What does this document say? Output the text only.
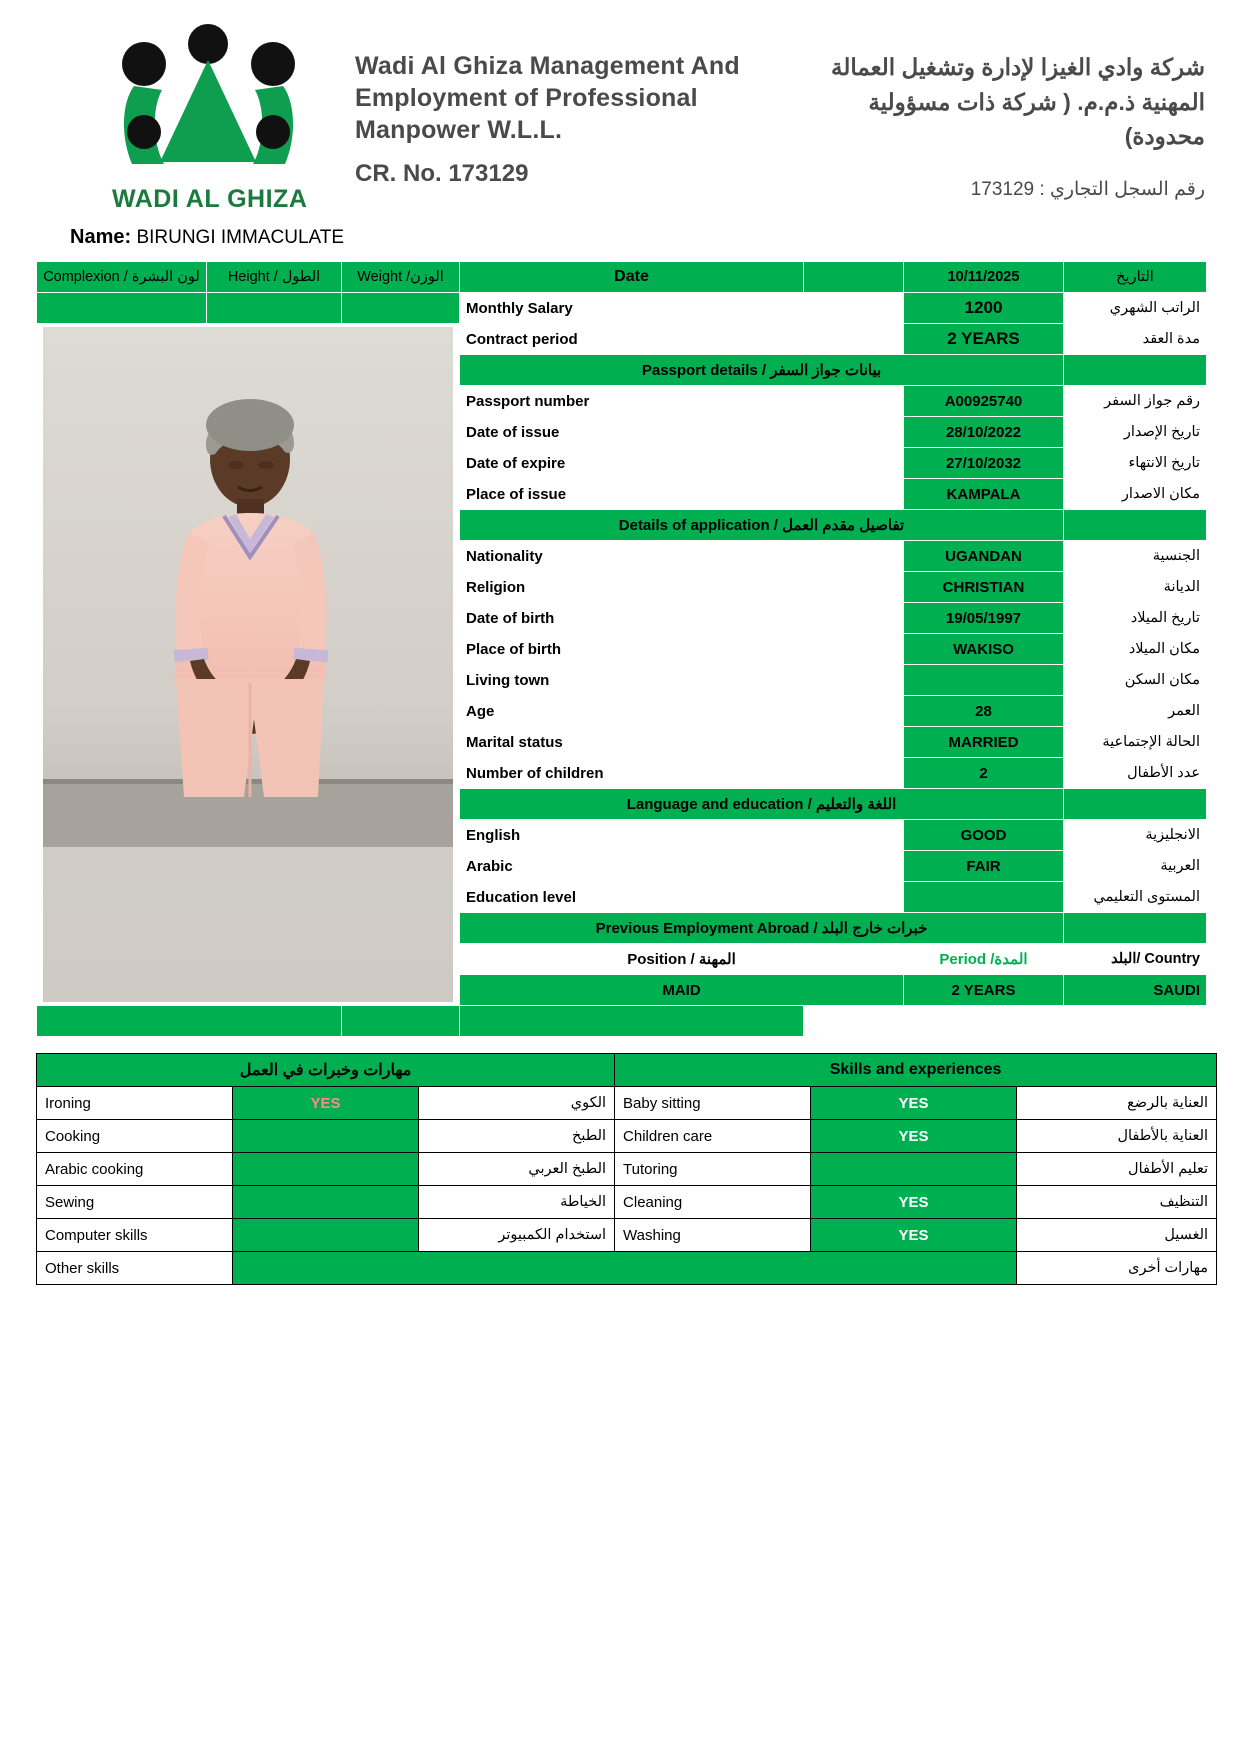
WADI AL GHIZA
Wadi Al Ghiza Management And
Employment of Professional
Manpower W.L.L.
CR. No. 173129
شركة وادي الغيزا لإدارة وتشغيل العمالة
المهنية ذ.م.م. ( شركة ذات مسؤولية
محدودة)
رقم السجل التجاري : 173129
Name: BIRUNGI IMMACULATE
Complexion / لون البشرة	Height / الطول	Weight /الوزن	Date		10/11/2025	التاريخ
			Monthly Salary		1200	الراتب الشهري

	Contract period		2 YEARS	مدة العقد
			Passport details / بيانات جواز السفر			
			Passport number		A00925740	رقم جواز السفر
			Date of issue		28/10/2022	تاريخ الإصدار
			Date of expire		27/10/2032	تاريخ الانتهاء
			Place of issue		KAMPALA	مكان الاصدار
			Details of application / تفاصيل مقدم العمل			
			Nationality		UGANDAN	الجنسية
			Religion		CHRISTIAN	الديانة
			Date of birth		19/05/1997	تاريخ الميلاد
			Place of birth		WAKISO	مكان الميلاد
			Living town			مكان السكن
			Age		28	العمر
			Marital status		MARRIED	الحالة الإجتماعية
			Number of children		2	عدد الأطفال
			Language and education / اللغة والتعليم			
			English		GOOD	الانجليزية
			Arabic		FAIR	العربية
			Education level			المستوى التعليمي
			Previous Employment Abroad / خبرات خارج البلد			
			Position / المهنة		Period /المدة	Country /البلد
			MAID		2 YEARS	SAUDI

مهارات وخبرات في العمل			Skills and experiences		
Ironing	YES	الكوي	Baby sitting	YES	العناية بالرضع
Cooking		الطبخ	Children care	YES	العناية بالأطفال
Arabic cooking		الطبخ العربي	Tutoring		تعليم الأطفال
Sewing		الخياطة	Cleaning	YES	التنظيف
Computer skills		استخدام الكمبيوتر	Washing	YES	الغسيل
Other skills					مهارات أخرى
